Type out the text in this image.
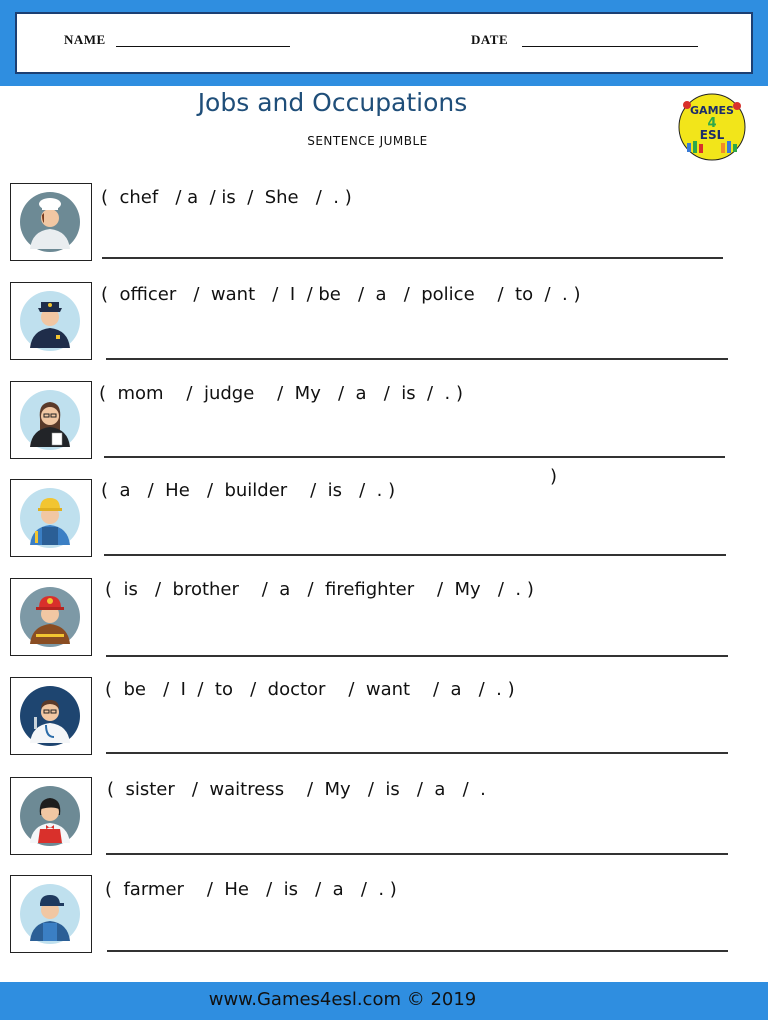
NAME	DATE
Jobs and Occupations
SENTENCE JUMBLE
GAMES
4
ESL
(  chef   / a  / is  /  She   /  . )
(  officer   /  want   /  I  / be   /  a   /  police    /  to  /  . )
(  mom    /  judge    /  My   /  a   /  is  /  . )
)
(  a   /  He   /  builder    /  is   /  . )
(  is   /  brother    /  a   /  firefighter    /  My   /  . )
(  be   /  I  /  to   /  doctor    /  want    /  a   /  . )
(  sister   /  waitress    /  My   /  is   /  a   /  .
(  farmer    /  He   /  is   /  a   /  . )
www.Games4esl.com © 2019
